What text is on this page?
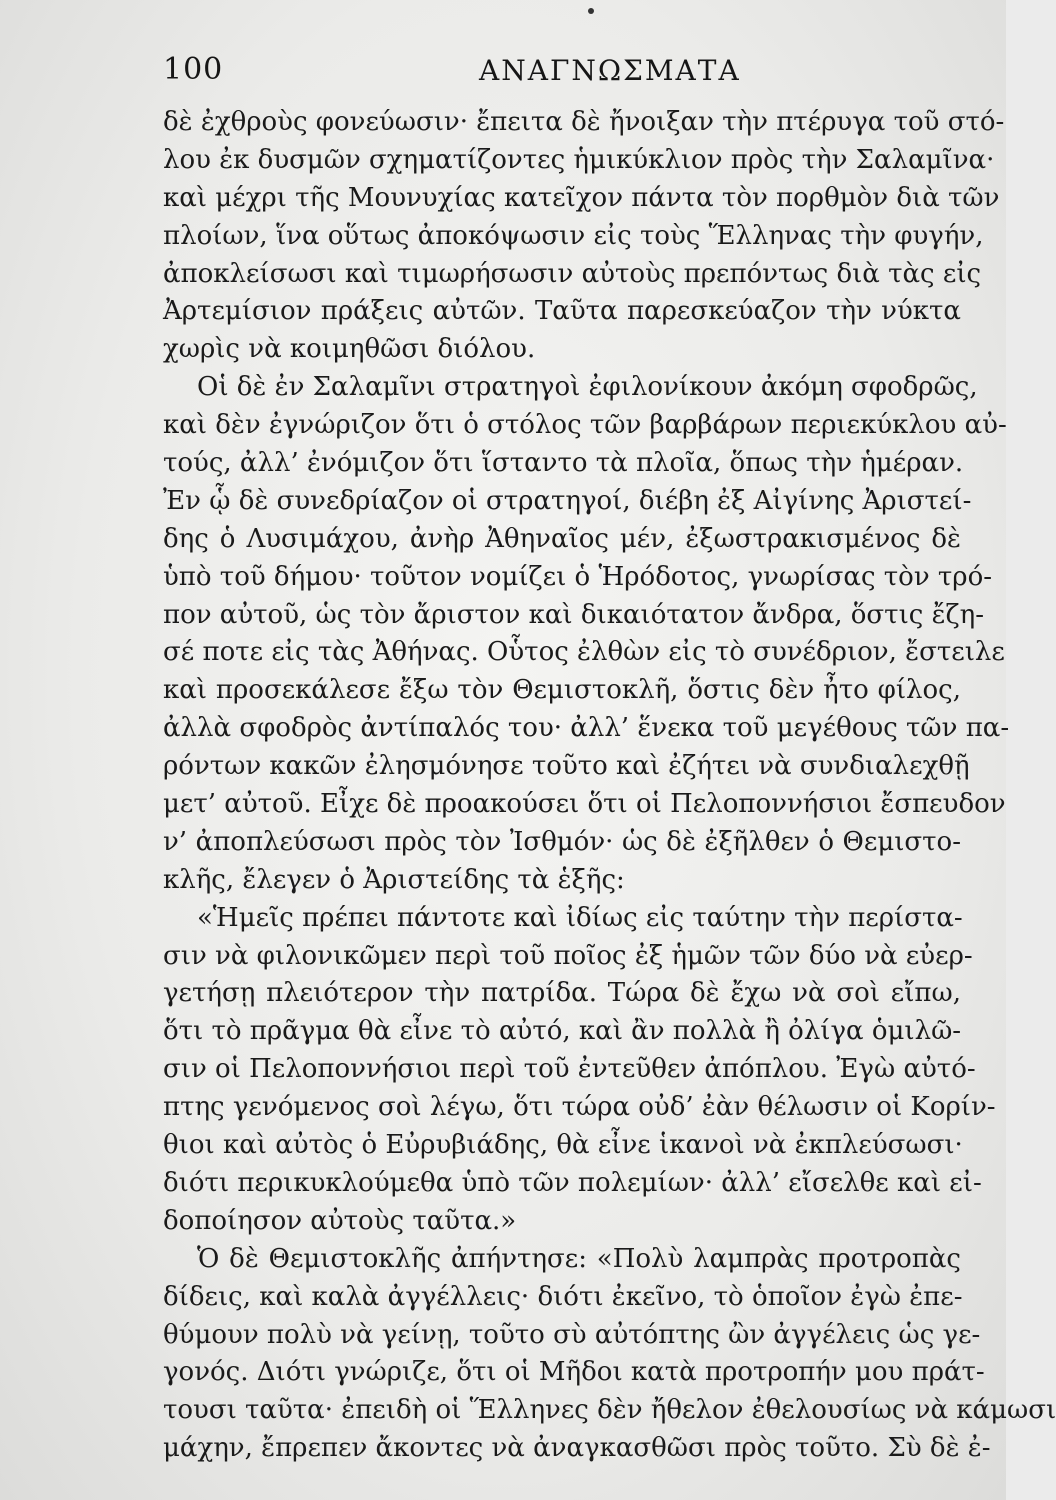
100	ΑΝΑΓΝΩΣΜΑΤΑ
δὲ ἐχθροὺς φονεύωσιν· ἔπειτα δὲ ἤνοιξαν τὴν πτέρυγα τοῦ στό-
λου ἐκ δυσμῶν σχηματίζοντες ἡμικύκλιον πρὸς τὴν Σαλαμῖνα·
καὶ μέχρι τῆς Μουνυχίας κατεῖχον πάντα τὸν πορθμὸν διὰ τῶν
πλοίων, ἵνα οὕτως ἀποκόψωσιν εἰς τοὺς Ἕλληνας τὴν φυγήν,
ἀποκλείσωσι καὶ τιμωρήσωσιν αὐτοὺς πρεπόντως διὰ τὰς εἰς
Ἀρτεμίσιον πράξεις αὐτῶν. Ταῦτα παρεσκεύαζον τὴν νύκτα
χωρὶς νὰ κοιμηθῶσι διόλου.
Οἱ δὲ ἐν Σαλαμῖνι στρατηγοὶ ἐφιλονίκουν ἀκόμη σφοδρῶς,
καὶ δὲν ἐγνώριζον ὅτι ὁ στόλος τῶν βαρβάρων περιεκύκλου αὐ-
τούς, ἀλλ’ ἐνόμιζον ὅτι ἵσταντο τὰ πλοῖα, ὅπως τὴν ἡμέραν.
Ἐν ᾧ δὲ συνεδρίαζον οἱ στρατηγοί, διέβη ἐξ Αἰγίνης Ἀριστεί-
δης ὁ Λυσιμάχου, ἀνὴρ Ἀθηναῖος μέν, ἐξωστρακισμένος δὲ
ὑπὸ τοῦ δήμου· τοῦτον νομίζει ὁ Ἡρόδοτος, γνωρίσας τὸν τρό-
πον αὐτοῦ, ὡς τὸν ἄριστον καὶ δικαιότατον ἄνδρα, ὅστις ἔζη-
σέ ποτε εἰς τὰς Ἀθήνας. Οὗτος ἐλθὼν εἰς τὸ συνέδριον, ἔστειλε
καὶ προσεκάλεσε ἔξω τὸν Θεμιστοκλῆ, ὅστις δὲν ἦτο φίλος,
ἀλλὰ σφοδρὸς ἀντίπαλός του· ἀλλ’ ἕνεκα τοῦ μεγέθους τῶν πα-
ρόντων κακῶν ἐλησμόνησε τοῦτο καὶ ἐζήτει νὰ συνδιαλεχθῇ
μετ’ αὐτοῦ. Εἶχε δὲ προακούσει ὅτι οἱ Πελοποννήσιοι ἔσπευδον
ν’ ἀποπλεύσωσι πρὸς τὸν Ἰσθμόν· ὡς δὲ ἐξῆλθεν ὁ Θεμιστο-
κλῆς, ἔλεγεν ὁ Ἀριστείδης τὰ ἑξῆς:
«Ἡμεῖς πρέπει πάντοτε καὶ ἰδίως εἰς ταύτην τὴν περίστα-
σιν νὰ φιλονικῶμεν περὶ τοῦ ποῖος ἐξ ἡμῶν τῶν δύο νὰ εὐερ-
γετήσῃ πλειότερον τὴν πατρίδα. Τώρα δὲ ἔχω νὰ σοὶ εἴπω,
ὅτι τὸ πρᾶγμα θὰ εἶνε τὸ αὐτό, καὶ ἂν πολλὰ ἢ ὀλίγα ὁμιλῶ-
σιν οἱ Πελοποννήσιοι περὶ τοῦ ἐντεῦθεν ἀπόπλου. Ἐγὼ αὐτό-
πτης γενόμενος σοὶ λέγω, ὅτι τώρα οὐδ’ ἐὰν θέλωσιν οἱ Κορίν-
θιοι καὶ αὐτὸς ὁ Εὐρυβιάδης, θὰ εἶνε ἱκανοὶ νὰ ἐκπλεύσωσι·
διότι περικυκλούμεθα ὑπὸ τῶν πολεμίων· ἀλλ’ εἴσελθε καὶ εἰ-
δοποίησον αὐτοὺς ταῦτα.»
Ὁ δὲ Θεμιστοκλῆς ἀπήντησε: «Πολὺ λαμπρὰς προτροπὰς
δίδεις, καὶ καλὰ ἀγγέλλεις· διότι ἐκεῖνο, τὸ ὁποῖον ἐγὼ ἐπε-
θύμουν πολὺ νὰ γείνῃ, τοῦτο σὺ αὐτόπτης ὢν ἀγγέλεις ὡς γε-
γονός. Διότι γνώριζε, ὅτι οἱ Μῆδοι κατὰ προτροπήν μου πράτ-
τουσι ταῦτα· ἐπειδὴ οἱ Ἕλληνες δὲν ἤθελον ἐθελουσίως νὰ κάμωσι
μάχην, ἔπρεπεν ἄκοντες νὰ ἀναγκασθῶσι πρὸς τοῦτο. Σὺ δὲ ἐ-
